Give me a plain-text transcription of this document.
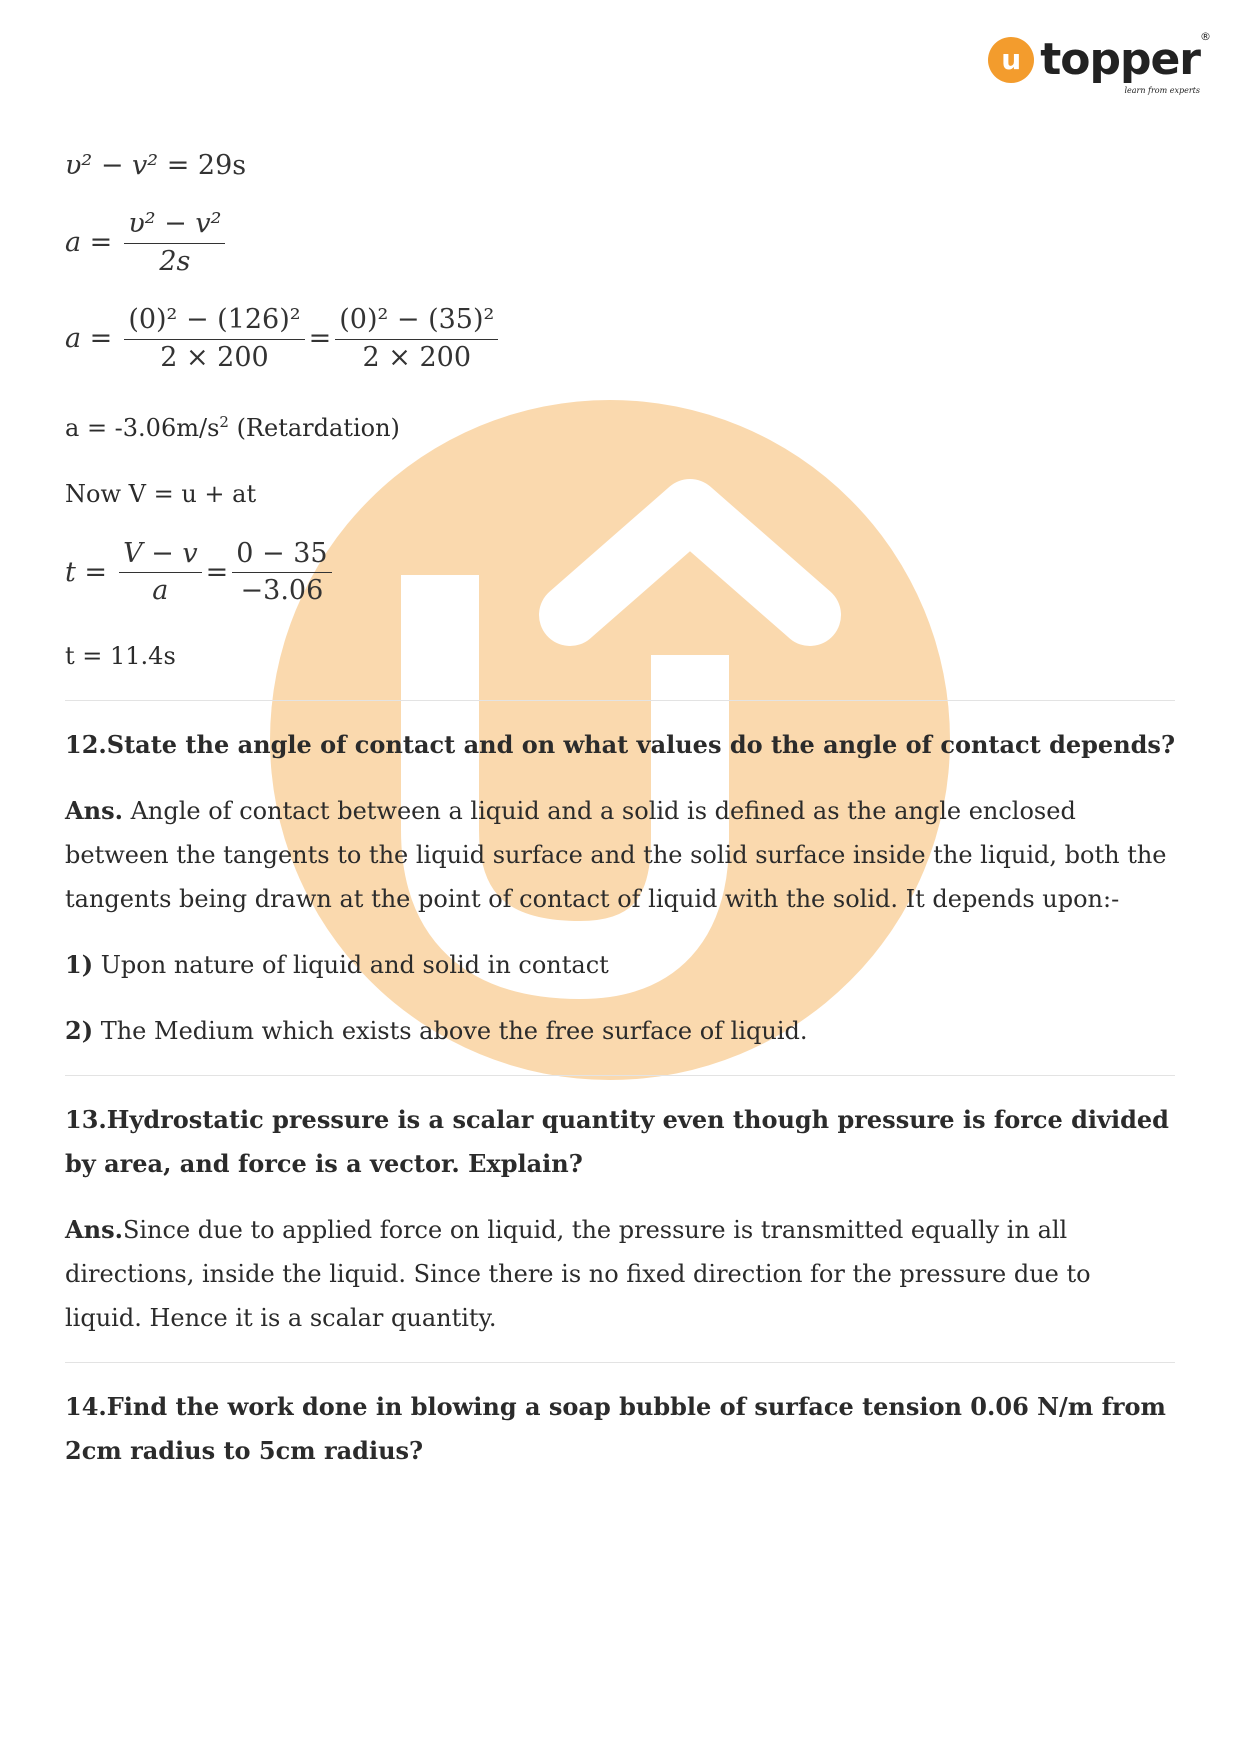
u topper ®
learn from experts
υ² − v²
= 29s
$a = \frac{\text{υ² − v²}}{2s}$
$a = \frac{\text{(0)² − (126)²}}{2 \times 200} = \frac{\text{(0)² − (35)²}}{2 \times 200}$

$a = -3.06m/s^2$ (Retardation)

Now V = u + at

$t = \frac{V - v}{a} = \frac{0 - 35}{-3.06}$

t = 11.4s

12.State the angle of contact and on what values do the angle of contact depends?

Ans. Angle of contact between a liquid and a solid is defined as the angle enclosed between the tangents to the liquid surface and the solid surface inside the liquid, both the tangents being drawn at the point of contact of liquid with the solid. It depends upon:-

1) Upon nature of liquid and solid in contact

2) The Medium which exists above the free surface of liquid.

13.Hydrostatic pressure is a scalar quantity even though pressure is force divided by area, and force is a vector. Explain?

Ans.Since due to applied force on liquid, the pressure is transmitted equally in all directions, inside the liquid. Since there is no fixed direction for the pressure due to liquid. Hence it is a scalar quantity.

14.Find the work done in blowing a soap bubble of surface tension 0.06 N/m from 2cm radius to 5cm radius?
